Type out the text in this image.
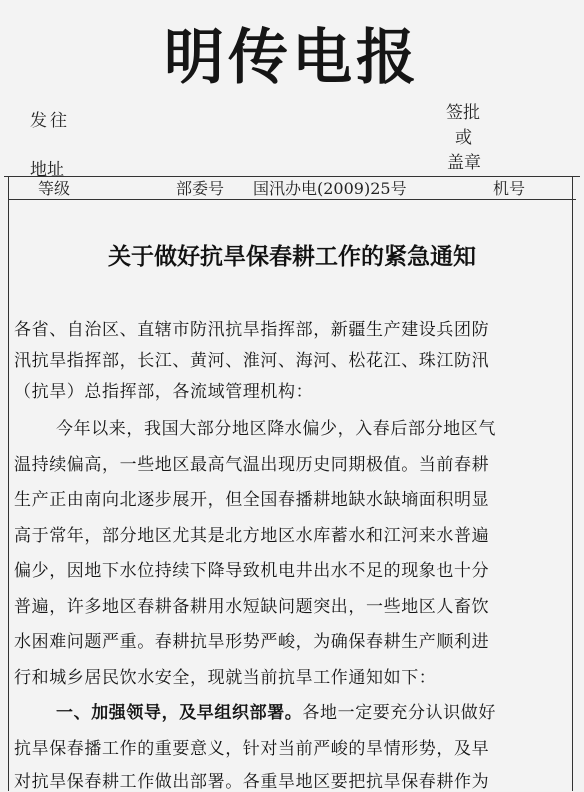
明传电报
发 往
地址
签批
或
盖章
等级	部委号 国汛办电(2009)25号	机号
关于做好抗旱保春耕工作的紧急通知
各省、自治区、直辖市防汛抗旱指挥部，新疆生产建设兵团防
汛抗旱指挥部，长江、黄河、淮河、海河、松花江、珠江防汛
（抗旱）总指挥部，各流域管理机构：
今年以来，我国大部分地区降水偏少，入春后部分地区气
温持续偏高，一些地区最高气温出现历史同期极值。当前春耕
生产正由南向北逐步展开，但全国春播耕地缺水缺墒面积明显
高于常年，部分地区尤其是北方地区水库蓄水和江河来水普遍
偏少，因地下水位持续下降导致机电井出水不足的现象也十分
普遍，许多地区春耕备耕用水短缺问题突出，一些地区人畜饮
水困难问题严重。春耕抗旱形势严峻，为确保春耕生产顺利进
行和城乡居民饮水安全，现就当前抗旱工作通知如下：
一、加强领导，及早组织部署。各地一定要充分认识做好
抗旱保春播工作的重要意义，针对当前严峻的旱情形势，及早
对抗旱保春耕工作做出部署。各重旱地区要把抗旱保春耕作为
